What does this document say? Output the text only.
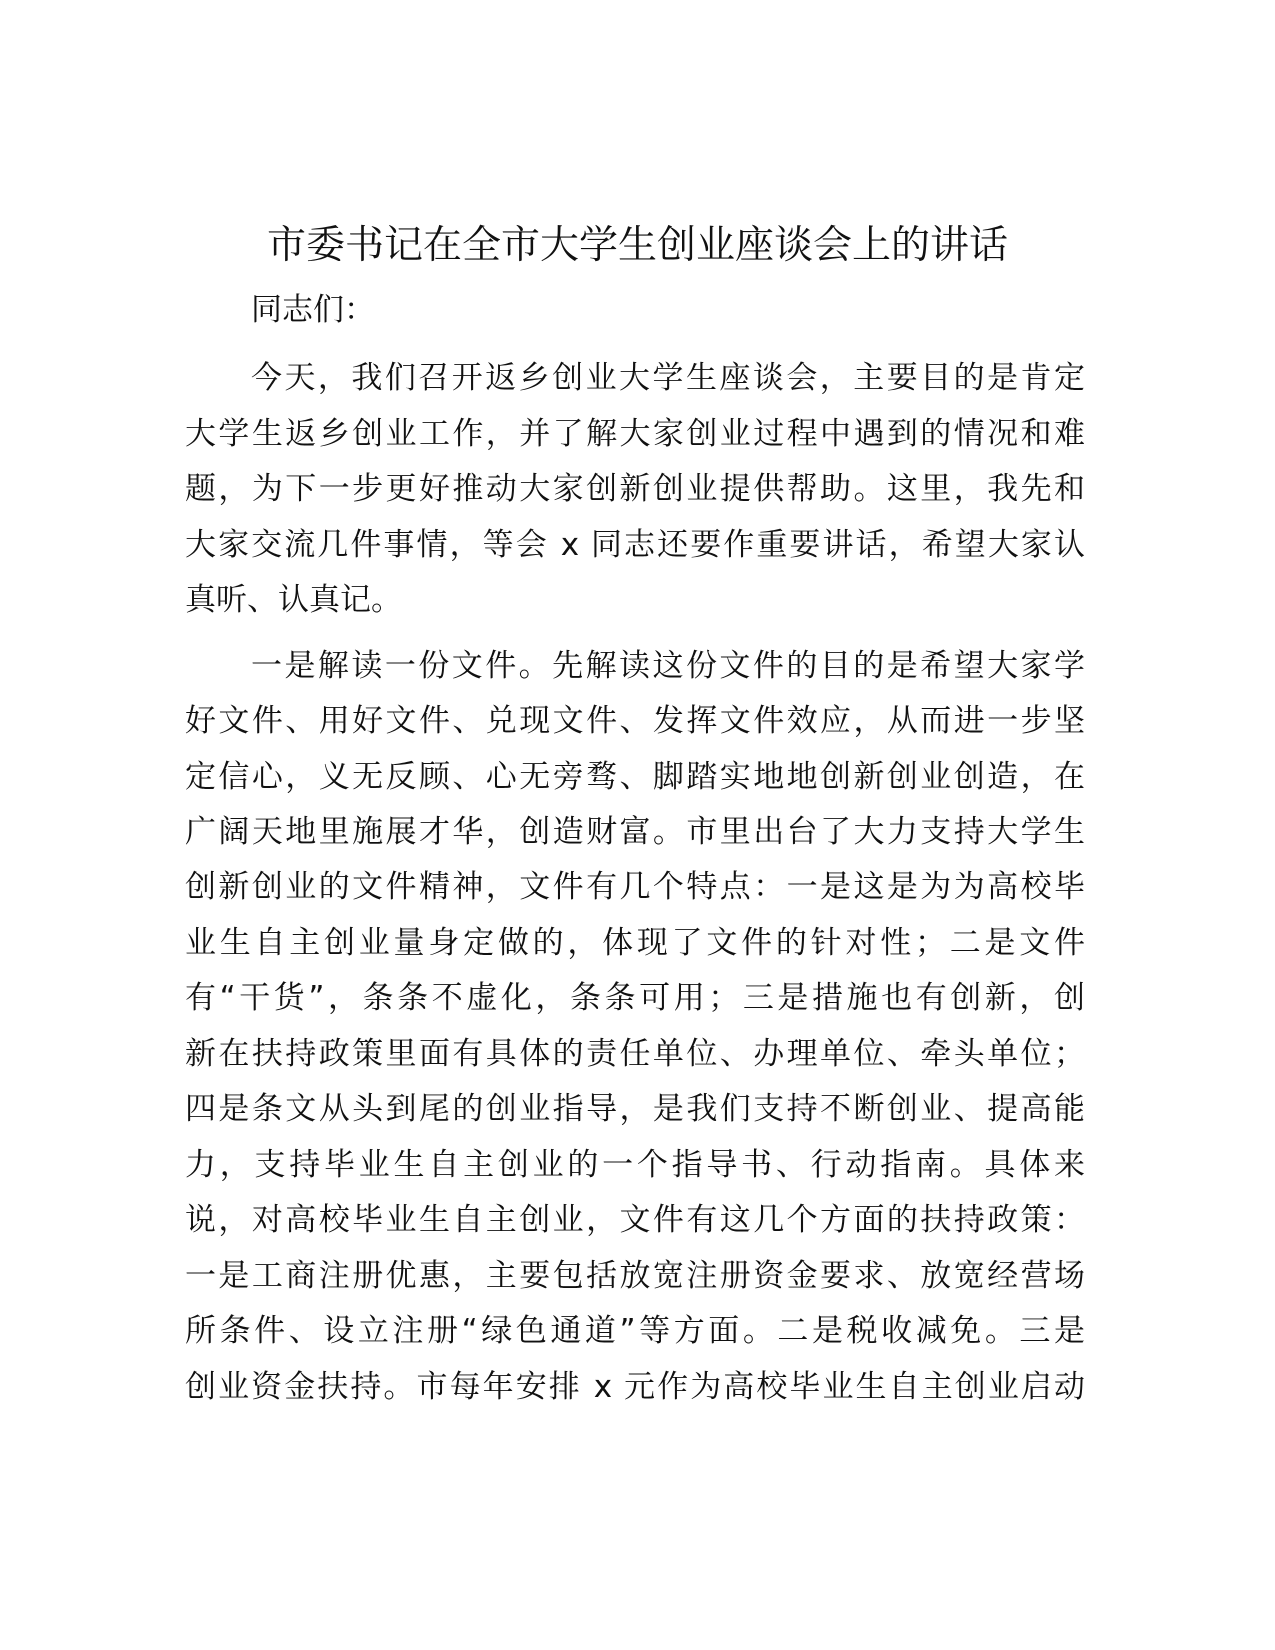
市委书记在全市大学生创业座谈会上的讲话
同志们：
今天，我们召开返乡创业大学生座谈会，主要目的是肯定
大学生返乡创业工作，并了解大家创业过程中遇到的情况和难
题，为下一步更好推动大家创新创业提供帮助。这里，我先和
大家交流几件事情，等会 x 同志还要作重要讲话，希望大家认
真听、认真记。
一是解读一份文件。先解读这份文件的目的是希望大家学
好文件、用好文件、兑现文件、发挥文件效应，从而进一步坚
定信心，义无反顾、心无旁骛、脚踏实地地创新创业创造，在
广阔天地里施展才华，创造财富。市里出台了大力支持大学生
创新创业的文件精神，文件有几个特点：一是这是为为高校毕
业生自主创业量身定做的，体现了文件的针对性；二是文件
有“干货”，条条不虚化，条条可用；三是措施也有创新，创
新在扶持政策里面有具体的责任单位、办理单位、牵头单位；
四是条文从头到尾的创业指导，是我们支持不断创业、提高能
力，支持毕业生自主创业的一个指导书、行动指南。具体来
说，对高校毕业生自主创业，文件有这几个方面的扶持政策：
一是工商注册优惠，主要包括放宽注册资金要求、放宽经营场
所条件、设立注册“绿色通道”等方面。二是税收减免。三是
创业资金扶持。市每年安排 x 元作为高校毕业生自主创业启动
